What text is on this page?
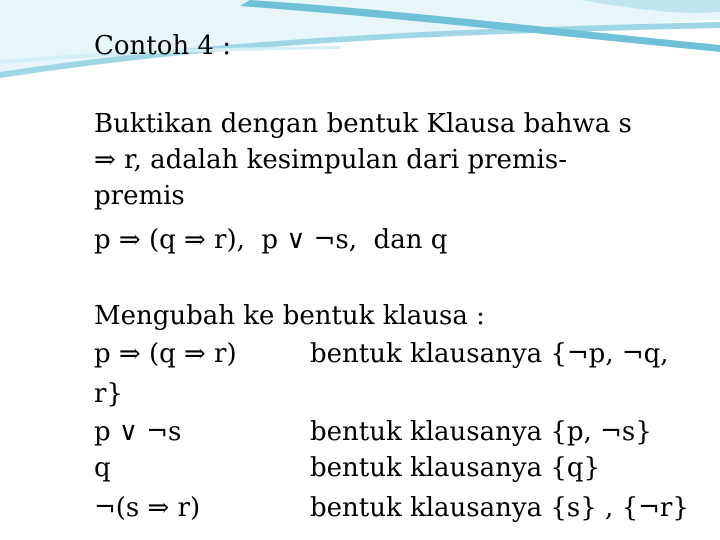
Contoh 4 :
Buktikan dengan bentuk Klausa bahwa s
⇒ r, adalah kesimpulan dari premis-
premis
p ⇒ (q ⇒ r),  p ∨ ¬s,  dan q
Mengubah ke bentuk klausa :
p ⇒ (q ⇒ r)	bentuk klausanya {¬p, ¬q,
r}
p ∨ ¬s	bentuk klausanya {p, ¬s}
q	bentuk klausanya {q}
¬(s ⇒ r)	bentuk klausanya {s} , {¬r}
